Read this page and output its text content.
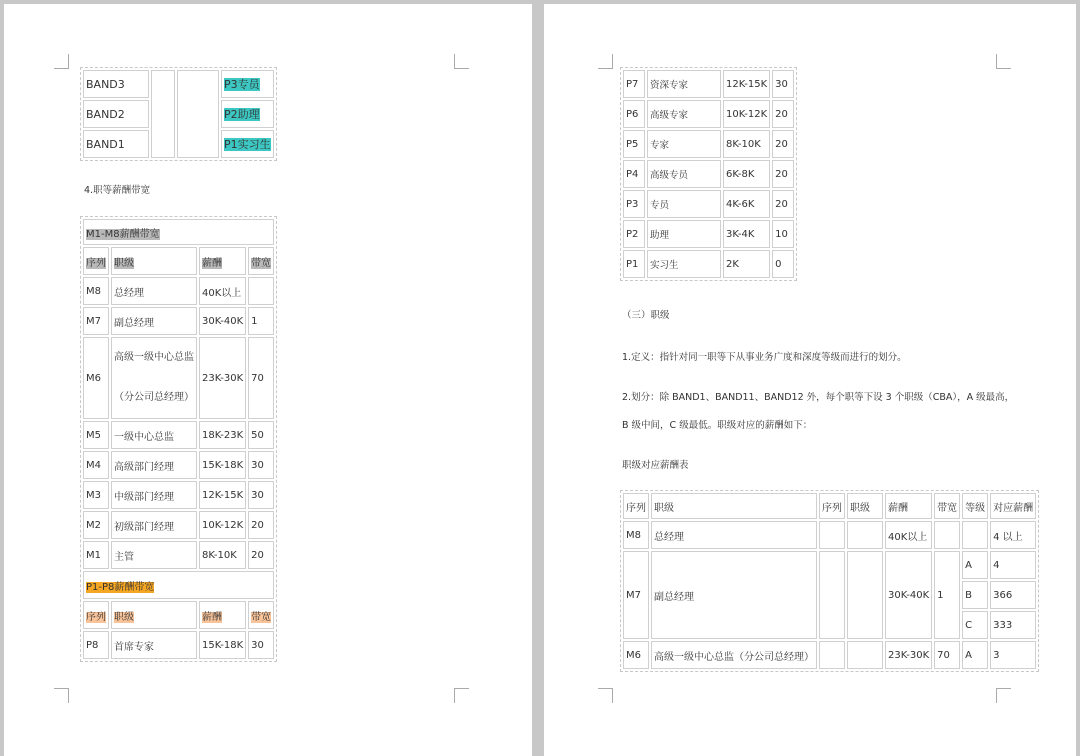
BAND3			P3专员
BAND2			P2助理
BAND1			P1实习生
4.职等薪酬带宽
M1-M8薪酬带宽			
序列	职级	薪酬	带宽
M8	总经理	40K以上	
M7	副总经理	30K-40K	1
M6	高级一级中心总监
（分公司总经理）	23K-30K	70
M5	一级中心总监	18K-23K	50
M4	高级部门经理	15K-18K	30
M3	中级部门经理	12K-15K	30
M2	初级部门经理	10K-12K	20
M1	主管	8K-10K	20
P1-P8薪酬带宽			
序列	职级	薪酬	带宽
P8	首席专家	15K-18K	30
P7	资深专家	12K-15K	30
P6	高级专家	10K-12K	20
P5	专家	8K-10K	20
P4	高级专员	6K-8K	20
P3	专员	4K-6K	20
P2	助理	3K-4K	10
P1	实习生	2K	0
（三）职级
1.定义：指针对同一职等下从事业务广度和深度等级而进行的划分。
2.划分：除 BAND1、BAND11、BAND12 外，每个职等下设 3 个职级（CBA），A 级最高，
B 级中间，C 级最低。职级对应的薪酬如下：
职级对应薪酬表
序列	职级	序列	职级	薪酬	带宽	等级	对应薪酬
M8	总经理			40K以上			4 以上
M7	副总经理			30K-40K	1	A	4
						B	366
						C	333
M6	高级一级中心总监（分公司总经理）			23K-30K	70	A	3
